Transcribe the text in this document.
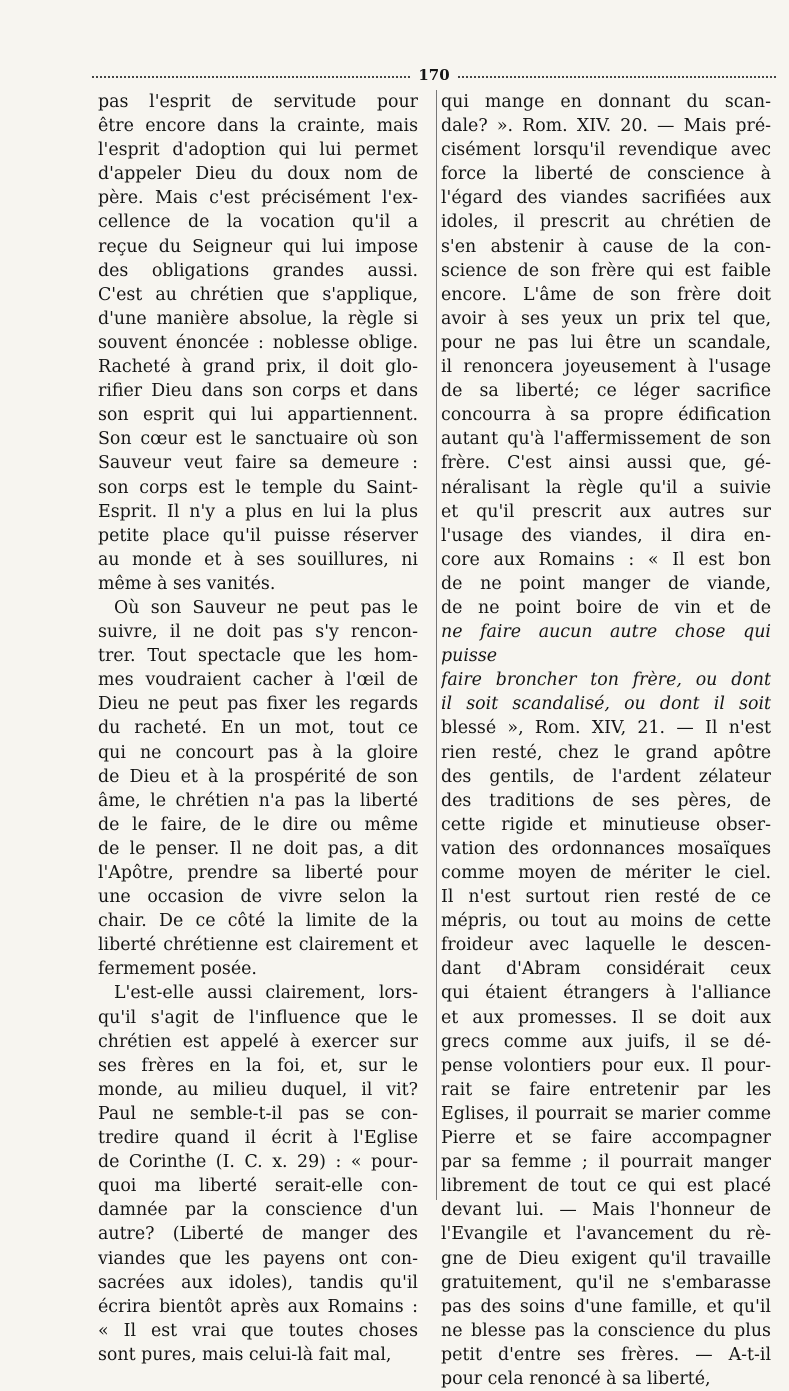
170
pas l'esprit de servitude pour
être encore dans la crainte, mais
l'esprit d'adoption qui lui permet
d'appeler Dieu du doux nom de
père. Mais c'est précisément l'ex-
cellence de la vocation qu'il a
reçue du Seigneur qui lui impose
des obligations grandes aussi.
C'est au chrétien que s'applique,
d'une manière absolue, la règle si
souvent énoncée : noblesse oblige.
Racheté à grand prix, il doit glo-
rifier Dieu dans son corps et dans
son esprit qui lui appartiennent.
Son cœur est le sanctuaire où son
Sauveur veut faire sa demeure :
son corps est le temple du Saint-
Esprit. Il n'y a plus en lui la plus
petite place qu'il puisse réserver
au monde et à ses souillures, ni
même à ses vanités.
Où son Sauveur ne peut pas le
suivre, il ne doit pas s'y rencon-
trer. Tout spectacle que les hom-
mes voudraient cacher à l'œil de
Dieu ne peut pas fixer les regards
du racheté. En un mot, tout ce
qui ne concourt pas à la gloire
de Dieu et à la prospérité de son
âme, le chrétien n'a pas la liberté
de le faire, de le dire ou même
de le penser. Il ne doit pas, a dit
l'Apôtre, prendre sa liberté pour
une occasion de vivre selon la
chair. De ce côté la limite de la
liberté chrétienne est clairement et
fermement posée.
L'est-elle aussi clairement, lors-
qu'il s'agit de l'influence que le
chrétien est appelé à exercer sur
ses frères en la foi, et, sur le
monde, au milieu duquel, il vit?
Paul ne semble-t-il pas se con-
tredire quand il écrit à l'Eglise
de Corinthe (I. C. x. 29) : « pour-
quoi ma liberté serait-elle con-
damnée par la conscience d'un
autre? (Liberté de manger des
viandes que les payens ont con-
sacrées aux idoles), tandis qu'il
écrira bientôt après aux Romains :
« Il est vrai que toutes choses
sont pures, mais celui-là fait mal,
qui mange en donnant du scan-
dale? ». Rom. XIV. 20. — Mais pré-
cisément lorsqu'il revendique avec
force la liberté de conscience à
l'égard des viandes sacrifiées aux
idoles, il prescrit au chrétien de
s'en abstenir à cause de la con-
science de son frère qui est faible
encore. L'âme de son frère doit
avoir à ses yeux un prix tel que,
pour ne pas lui être un scandale,
il renoncera joyeusement à l'usage
de sa liberté; ce léger sacrifice
concourra à sa propre édification
autant qu'à l'affermissement de son
frère. C'est ainsi aussi que, gé-
néralisant la règle qu'il a suivie
et qu'il prescrit aux autres sur
l'usage des viandes, il dira en-
core aux Romains : « Il est bon
de ne point manger de viande,
de ne point boire de vin et de
ne faire aucun autre chose qui puisse
faire broncher ton frère, ou dont
il soit scandalisé, ou dont il soit
blessé », Rom. XIV, 21. — Il n'est
rien resté, chez le grand apôtre
des gentils, de l'ardent zélateur
des traditions de ses pères, de
cette rigide et minutieuse obser-
vation des ordonnances mosaïques
comme moyen de mériter le ciel.
Il n'est surtout rien resté de ce
mépris, ou tout au moins de cette
froideur avec laquelle le descen-
dant d'Abram considérait ceux
qui étaient étrangers à l'alliance
et aux promesses. Il se doit aux
grecs comme aux juifs, il se dé-
pense volontiers pour eux. Il pour-
rait se faire entretenir par les
Eglises, il pourrait se marier comme
Pierre et se faire accompagner
par sa femme ; il pourrait manger
librement de tout ce qui est placé
devant lui. — Mais l'honneur de
l'Evangile et l'avancement du rè-
gne de Dieu exigent qu'il travaille
gratuitement, qu'il ne s'embarasse
pas des soins d'une famille, et qu'il
ne blesse pas la conscience du plus
petit d'entre ses frères. — A-t-il
pour cela renoncé à sa liberté,
